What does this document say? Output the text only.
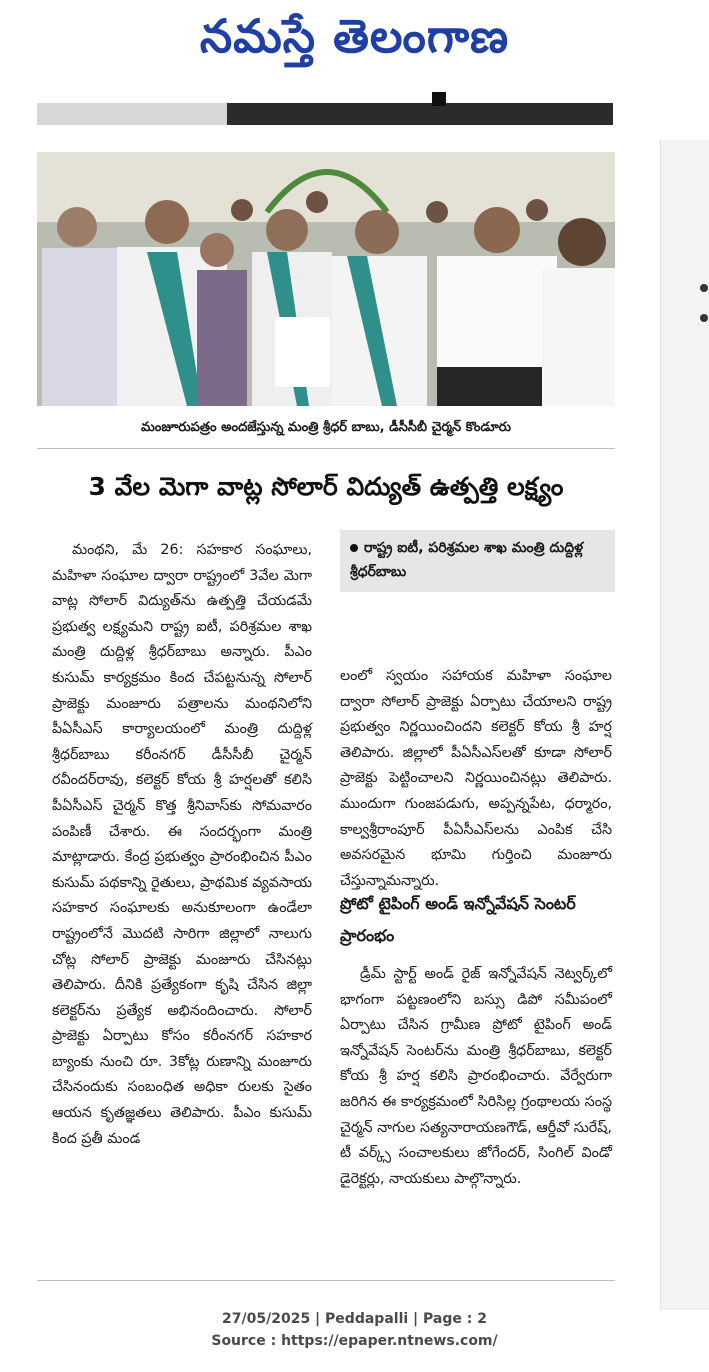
నమస్తే తెలంగాణ
మంజూరుపత్రం అందజేస్తున్న మంత్రి శ్రీధర్ బాబు, డీసీసీబీ చైర్మన్ కొండూరు
3 వేల మెగా వాట్ల సోలార్ విద్యుత్ ఉత్పత్తి లక్ష్యం

మంథని, మే 26: సహకార సంఘాలు, మహిళా సంఘాల ద్వారా రాష్ట్రంలో 3వేల మెగా వాట్ల సోలార్ విద్యుత్‌ను ఉత్పత్తి చేయడమే ప్రభుత్వ లక్ష్యమని రాష్ట్ర ఐటీ, పరిశ్రమల శాఖ మంత్రి దుద్దిళ్ల శ్రీధర్‌బాబు అన్నారు. పీఎం కుసుమ్ కార్యక్రమం కింద చేపట్టనున్న సోలార్ ప్రాజెక్టు మంజూరు పత్రాలను మంథనిలోని పీఏసీఎస్ కార్యాలయంలో మంత్రి దుద్దిళ్ల శ్రీధర్‌బాబు కరీంనగర్ డీసీసీబీ చైర్మన్ రవీందర్‌రావు, కలెక్టర్ కోయ శ్రీ హర్షలతో కలిసి పీఏసీఎస్ చైర్మన్ కొత్త శ్రీనివాస్‌కు సోమవారం పంపిణీ చేశారు. ఈ సందర్భంగా మంత్రి మాట్లాడారు. కేంద్ర ప్రభుత్వం ప్రారంభించిన పీఎం కుసుమ్ పథకాన్ని రైతులు, ప్రాథమిక వ్యవసాయ సహకార సంఘాలకు అనుకూలంగా ఉండేలా రాష్ట్రంలోనే మొదటి సారిగా జిల్లాలో నాలుగు చోట్ల సోలార్ ప్రాజెక్టు మంజూరు చేసినట్లు తెలిపారు. దీనికి ప్రత్యేకంగా కృషి చేసిన జిల్లా కలెక్టర్‌ను ప్రత్యేక అభినందించారు. సోలార్ ప్రాజెక్టు ఏర్పాటు కోసం కరీంనగర్ సహకార బ్యాంకు నుంచి రూ. 3కోట్ల రుణాన్ని మంజూరు చేసినందుకు సంబంధిత అధికా రులకు సైతం ఆయన కృతజ్ఞతలు తెలిపారు. పీఎం కుసుమ్ కింద ప్రతీ మండ

రాష్ట్ర ఐటీ, పరిశ్రమల శాఖ మంత్రి దుద్దిళ్ల శ్రీధర్‌బాబు

లంలో స్వయం సహాయక మహిళా సంఘాల ద్వారా సోలార్ ప్రాజెక్టు ఏర్పాటు చేయాలని రాష్ట్ర ప్రభుత్వం నిర్ణయించిందని కలెక్టర్ కోయ శ్రీ హర్ష తెలిపారు. జిల్లాలో పీఏసీఎస్‌లతో కూడా సోలార్ ప్రాజెక్టు పెట్టించాలని నిర్ణయించినట్లు తెలిపారు. ముందుగా గుంజపడుగు, అప్పన్నపేట, ధర్మారం, కాల్వశ్రీరాంపూర్ పీఏసీఎస్‌లను ఎంపిక చేసి అవసరమైన భూమి గుర్తించి మంజూరు చేస్తున్నామన్నారు.

ప్రోటో టైపింగ్ అండ్ ఇన్నోవేషన్ సెంటర్ ప్రారంభం

డ్రీమ్ స్టార్ట్ అండ్ రైజ్ ఇన్నోవేషన్ నెట్వర్క్‌లో భాగంగా పట్టణంలోని బస్సు డిపో సమీపంలో ఏర్పాటు చేసిన గ్రామీణ ప్రోటో టైపింగ్ అండ్ ఇన్నోవేషన్ సెంటర్‌ను మంత్రి శ్రీధర్‌బాబు, కలెక్టర్ కోయ శ్రీ హర్ష కలిసి ప్రారంభించారు. వేర్వేరుగా జరిగిన ఈ కార్యక్రమంలో సిరిసిల్ల గ్రంథాలయ సంస్థ చైర్మన్ నాగుల సత్యనారాయణగౌడ్, ఆర్డీవో సురేష్, టీ వర్క్స్ సంచాలకులు జోగేందర్, సింగిల్ విండో డైరెక్టర్లు, నాయకులు పాల్గొన్నారు.

27/05/2025 | Peddapalli | Page : 2
Source : https://epaper.ntnews.com/
